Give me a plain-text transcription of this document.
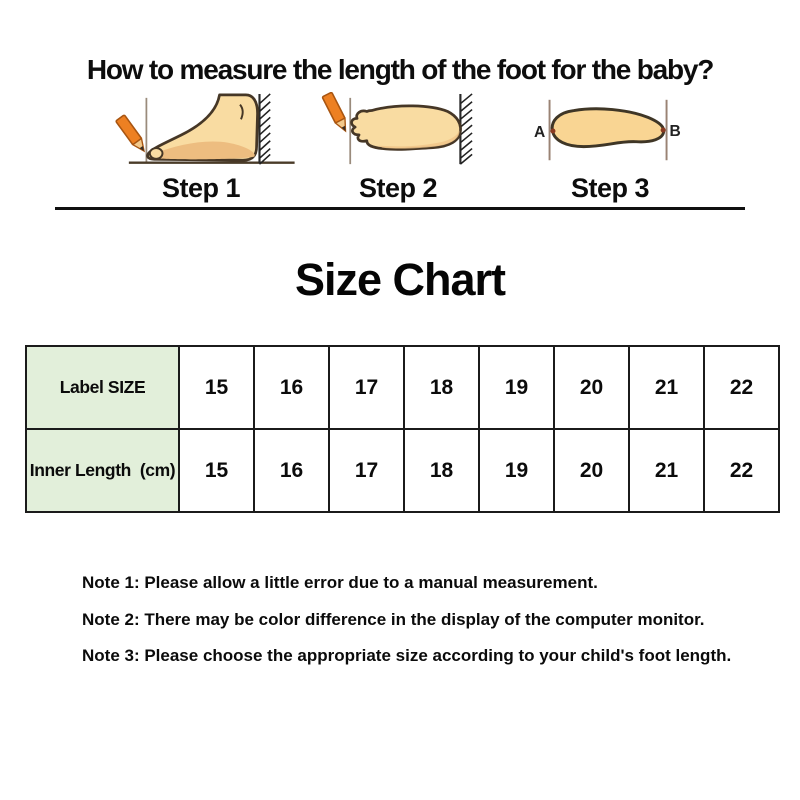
How to measure the length of the foot for the baby?
Step 1	Step 2
A	B
Step 3
Size Chart
Label SIZE	15	16	17	18	19	20	21	22
Inner Length  (cm)	15	16	17	18	19	20	21	22
Note 1: Please allow a little error due to a manual measurement.
Note 2: There may be color difference in the display of the computer monitor.
Note 3: Please choose the appropriate size according to your child's foot length.
